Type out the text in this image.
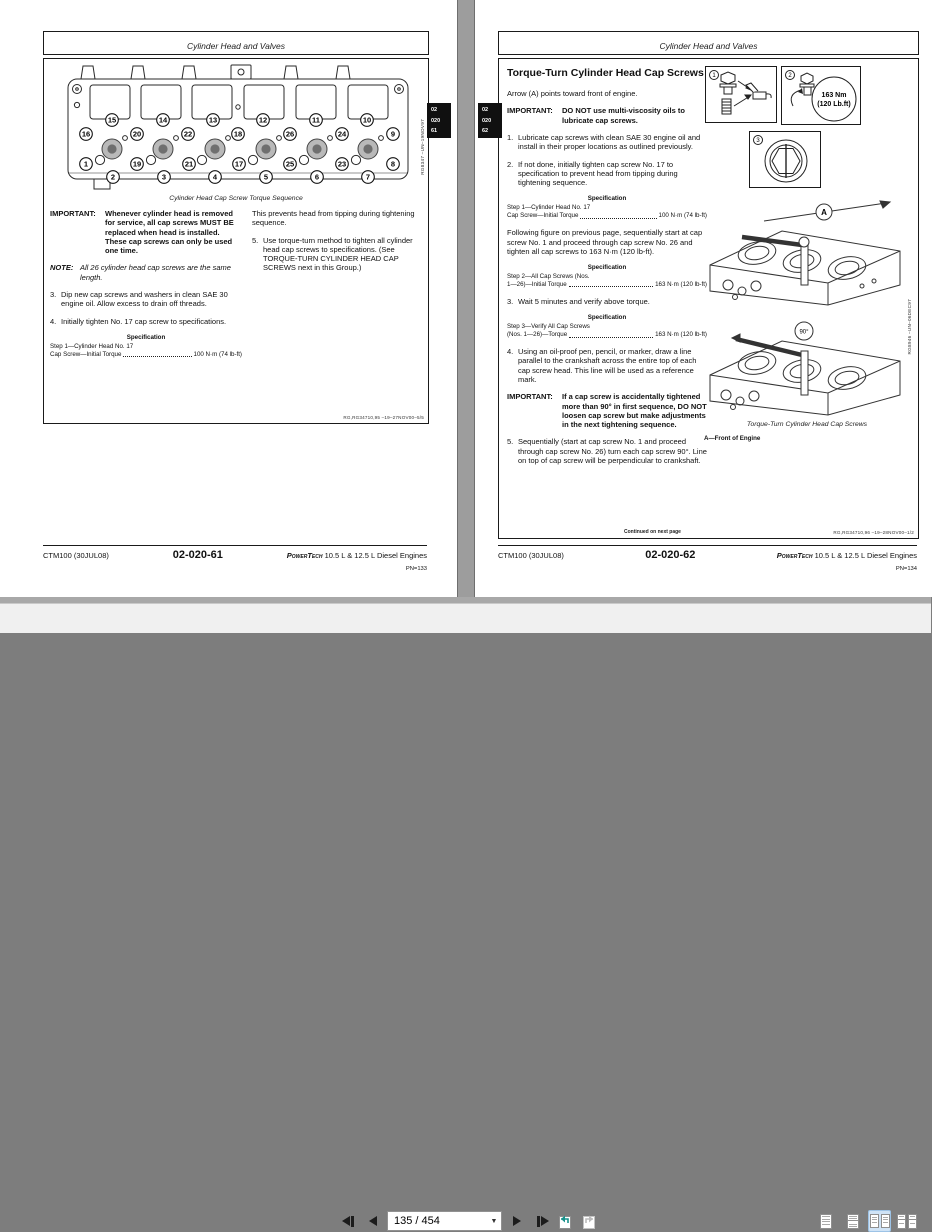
Cylinder Head and Valves
15	14	13	12	11	10
16	20	22	18	26	24	9
1	19	21	17	25	23	8
2	3	4	5	6	7
Cylinder Head Cap Screw Torque Sequence
RG8347 –UN–19NOV97
IMPORTANT:	Whenever cylinder head is removed for service, all cap screws MUST BE replaced when head is installed. These cap screws can only be used one time.
NOTE: All 26 cylinder head cap screws are the same length.
3. Dip new cap screws and washers in clean SAE 30 engine oil. Allow excess to drain off threads.
4. Initially tighten No. 17 cap screw to specifications.
Specification
Step 1—Cylinder Head No. 17
Cap Screw—Initial Torque	100 N·m (74 lb-ft)
This prevents head from tipping during tightening sequence.
5. Use torque-turn method to tighten all cylinder head cap screws to specifications. (See TORQUE-TURN CYLINDER HEAD CAP SCREWS next in this Group.)
RG,RG34710,95 –19–27NOV00–5/5
02
020
61
CTM100 (30JUL08)	02-020-61	PowerTech 10.5 L & 12.5 L Diesel Engines
PN=133
Cylinder Head and Valves
Torque-Turn Cylinder Head Cap Screws
Arrow (A) points toward front of engine.
IMPORTANT:	DO NOT use multi-viscosity oils to lubricate cap screws.
1. Lubricate cap screws with clean SAE 30 engine oil and install in their proper locations as outlined previously.
2. If not done, initially tighten cap screw No. 17 to specification to prevent head from tipping during tightening sequence.
Specification
Step 1—Cylinder Head No. 17
Cap Screw—Initial Torque	100 N·m (74 lb-ft)
Following figure on previous page, sequentially start at cap screw No. 1 and proceed through cap screw No. 26 and tighten all cap screws to 163 N·m (120 lb-ft).
Specification
Step 2—All Cap Screws (Nos.
1—26)—Initial Torque	163 N·m (120 lb-ft)
3. Wait 5 minutes and verify above torque.
Specification
Step 3—Verify All Cap Screws
(Nos. 1—26)—Torque	163 N·m (120 lb-ft)
4. Using an oil-proof pen, pencil, or marker, draw a line parallel to the crankshaft across the entire top of each cap screw head. This line will be used as a reference mark.
IMPORTANT:	If a cap screw is accidentally tightened more than 90° in first sequence, DO NOT loosen cap screw but make adjustments in the next tightening sequence.
5. Sequentially (start at cap screw No. 1 and proceed through cap screw No. 26) turn each cap screw 90°. Line on top of cap screw will be perpendicular to crankshaft.
1	2
163 Nm
(120 Lb.ft)
3
A
90°
Torque-Turn Cylinder Head Cap Screws
A—Front of Engine
RG8946 –UN–06DEC97
Continued on next page	RG,RG34710,96 –19–28NOV00–1/2
02
020
62
CTM100 (30JUL08)	02-020-62	PowerTech 10.5 L & 12.5 L Diesel Engines
PN=134
135 / 454
▼
